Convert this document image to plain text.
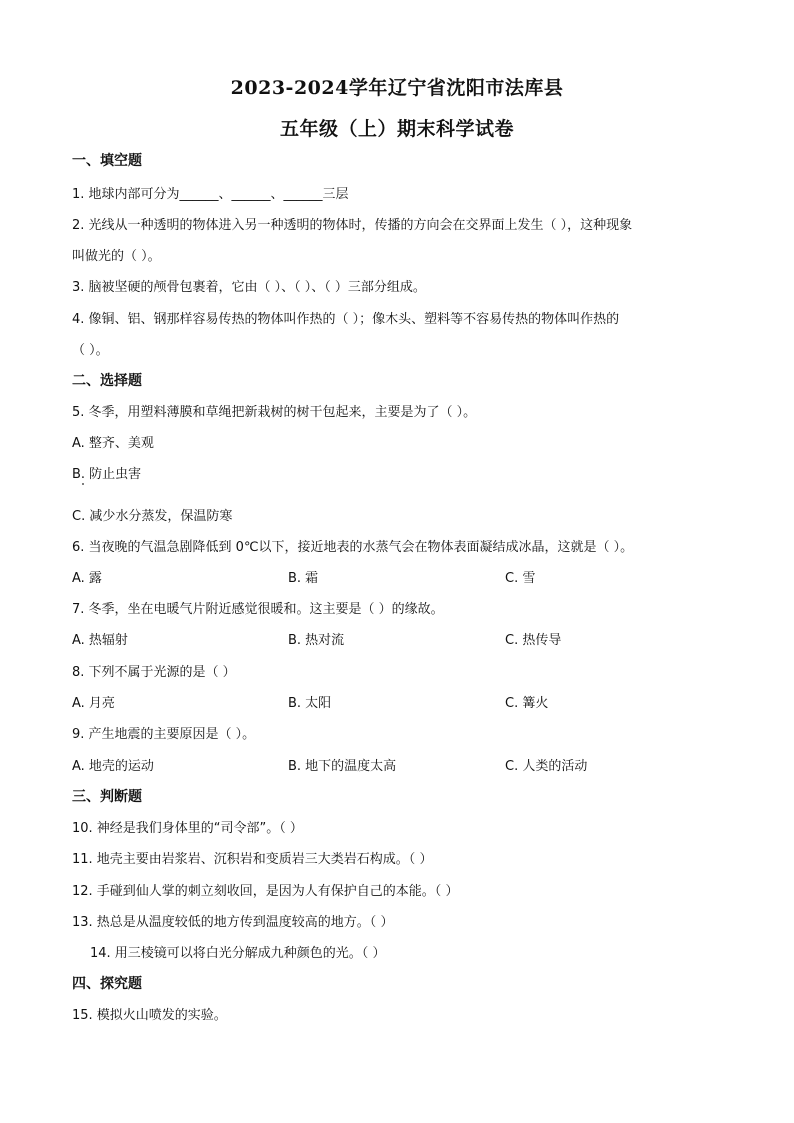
2023-2024学年辽宁省沈阳市法库县
五年级（上）期末科学试卷
一、填空题
1. 地球内部可分为______、______、______三层
2. 光线从一种透明的物体进入另一种透明的物体时，传播的方向会在交界面上发生（ ），这种现象
叫做光的（ ）。
3. 脑被坚硬的颅骨包裹着，它由（ ）、（ ）、（ ）三部分组成。
4. 像铜、铝、钢那样容易传热的物体叫作热的（ ）；像木头、塑料等不容易传热的物体叫作热的
（ ）。
二、选择题
5. 冬季，用塑料薄膜和草绳把新栽树的树干包起来，主要是为了（ ）。
A. 整齐、美观
B. 防止虫害
C. 减少水分蒸发，保温防寒
6. 当夜晚的气温急剧降低到 0℃以下，接近地表的水蒸气会在物体表面凝结成冰晶，这就是（ ）。
A. 露	B. 霜	C. 雪
7. 冬季，坐在电暖气片附近感觉很暖和。这主要是（ ）的缘故。
A. 热辐射	B. 热对流	C. 热传导
8. 下列不属于光源的是（ ）
A. 月亮	B. 太阳	C. 篝火
9. 产生地震的主要原因是（ ）。
A. 地壳的运动	B. 地下的温度太高	C. 人类的活动
三、判断题
10. 神经是我们身体里的“司令部”。（ ）
11. 地壳主要由岩浆岩、沉积岩和变质岩三大类岩石构成。（ ）
12. 手碰到仙人掌的刺立刻收回，是因为人有保护自己的本能。（ ）
13. 热总是从温度较低的地方传到温度较高的地方。（ ）
14. 用三棱镜可以将白光分解成九种颜色的光。（ ）
四、探究题
15. 模拟火山喷发的实验。
